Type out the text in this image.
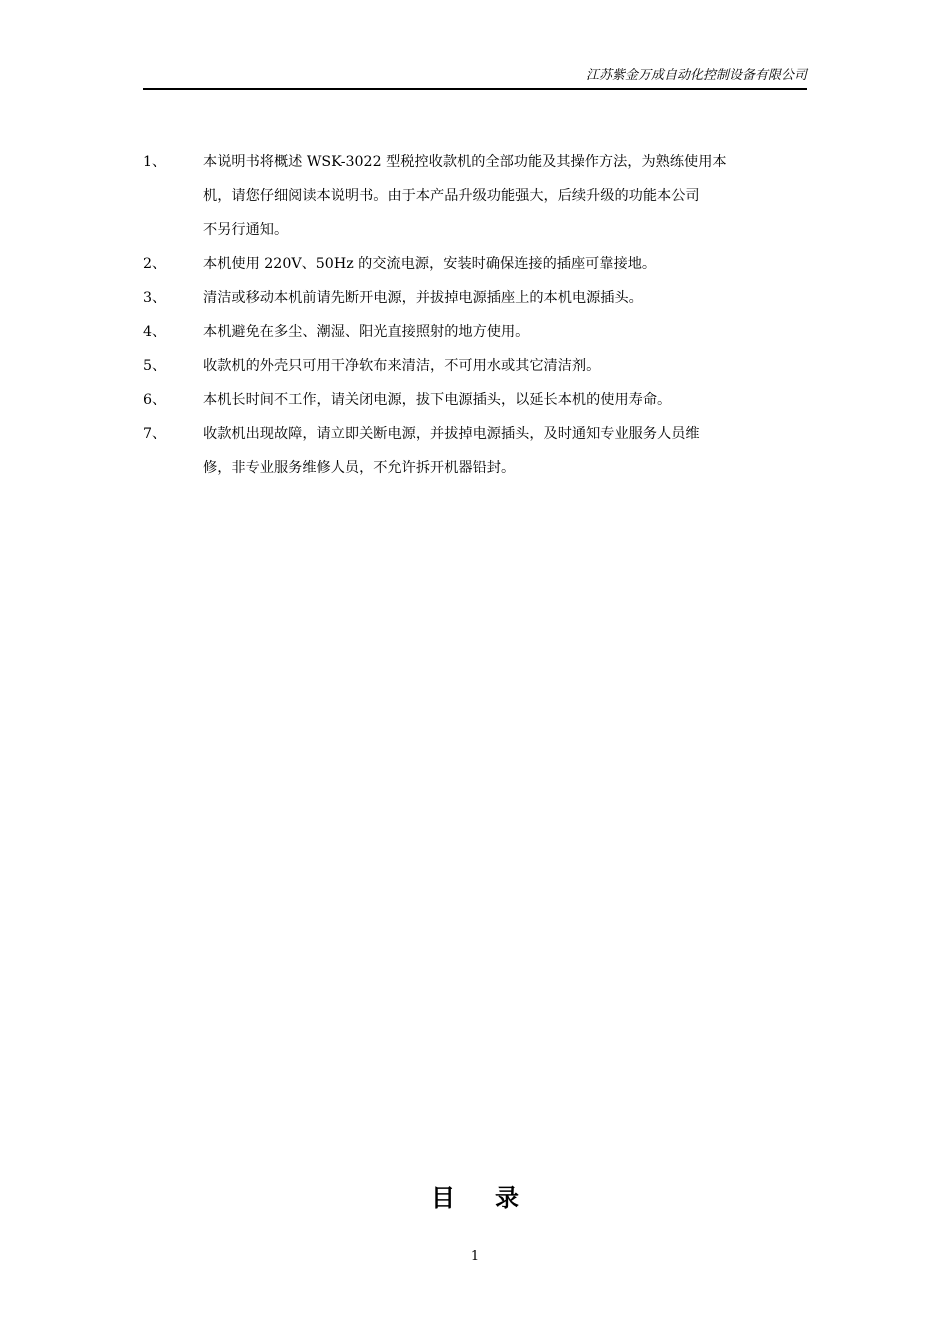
江苏紫金万成自动化控制设备有限公司
1、	本说明书将概述 WSK-3022 型税控收款机的全部功能及其操作方法，为熟练使用本
机，请您仔细阅读本说明书。由于本产品升级功能强大，后续升级的功能本公司
不另行通知。
2、	本机使用 220V、50Hz 的交流电源，安装时确保连接的插座可靠接地。
3、	清洁或移动本机前请先断开电源，并拔掉电源插座上的本机电源插头。
4、	本机避免在多尘、潮湿、阳光直接照射的地方使用。
5、	收款机的外壳只可用干净软布来清洁，不可用水或其它清洁剂。
6、	本机长时间不工作，请关闭电源，拔下电源插头，以延长本机的使用寿命。
7、	收款机出现故障，请立即关断电源，并拔掉电源插头，及时通知专业服务人员维
修，非专业服务维修人员，不允许拆开机器铅封。
目录
1
